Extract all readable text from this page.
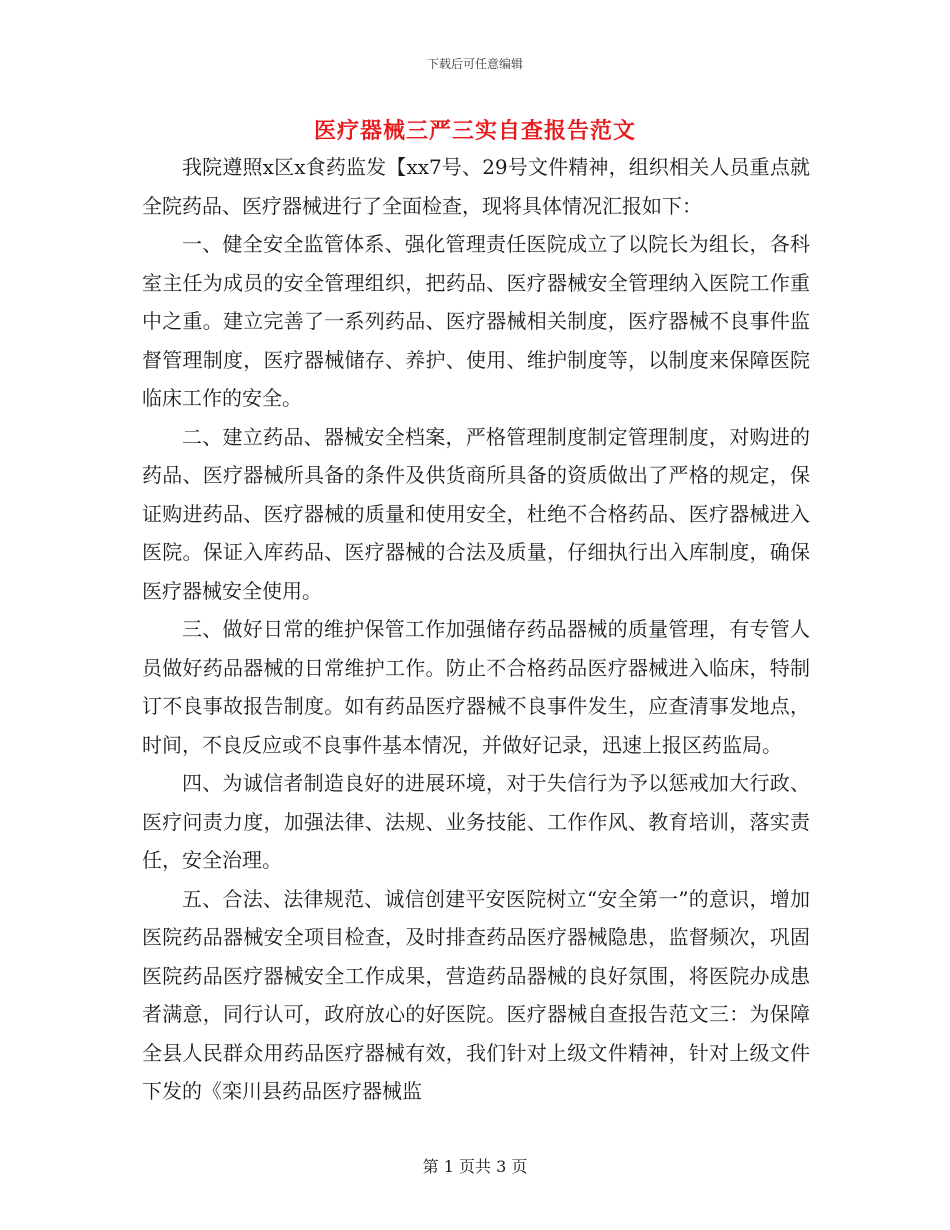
下载后可任意编辑
医疗器械三严三实自查报告范文

我院遵照x区x食药监发【xx7号、29号文件精神，组织相关人员重点就全院药品、医疗器械进行了全面检查，现将具体情况汇报如下：

一、健全安全监管体系、强化管理责任医院成立了以院长为组长，各科室主任为成员的安全管理组织，把药品、医疗器械安全管理纳入医院工作重中之重。建立完善了一系列药品、医疗器械相关制度，医疗器械不良事件监督管理制度，医疗器械储存、养护、使用、维护制度等，以制度来保障医院临床工作的安全。

二、建立药品、器械安全档案，严格管理制度制定管理制度，对购进的药品、医疗器械所具备的条件及供货商所具备的资质做出了严格的规定，保证购进药品、医疗器械的质量和使用安全，杜绝不合格药品、医疗器械进入医院。保证入库药品、医疗器械的合法及质量，仔细执行出入库制度，确保医疗器械安全使用。

三、做好日常的维护保管工作加强储存药品器械的质量管理，有专管人员做好药品器械的日常维护工作。防止不合格药品医疗器械进入临床，特制订不良事故报告制度。如有药品医疗器械不良事件发生，应查清事发地点，时间，不良反应或不良事件基本情况，并做好记录，迅速上报区药监局。

四、为诚信者制造良好的进展环境，对于失信行为予以惩戒加大行政、医疗问责力度，加强法律、法规、业务技能、工作作风、教育培训，落实责任，安全治理。

五、合法、法律规范、诚信创建平安医院树立“安全第一”的意识，增加医院药品器械安全项目检查，及时排查药品医疗器械隐患，监督频次，巩固医院药品医疗器械安全工作成果，营造药品器械的良好氛围，将医院办成患者满意，同行认可，政府放心的好医院。医疗器械自查报告范文三：为保障全县人民群众用药品医疗器械有效，我们针对上级文件精神，针对上级文件下发的《栾川县药品医疗器械监

第 1 页共 3 页
